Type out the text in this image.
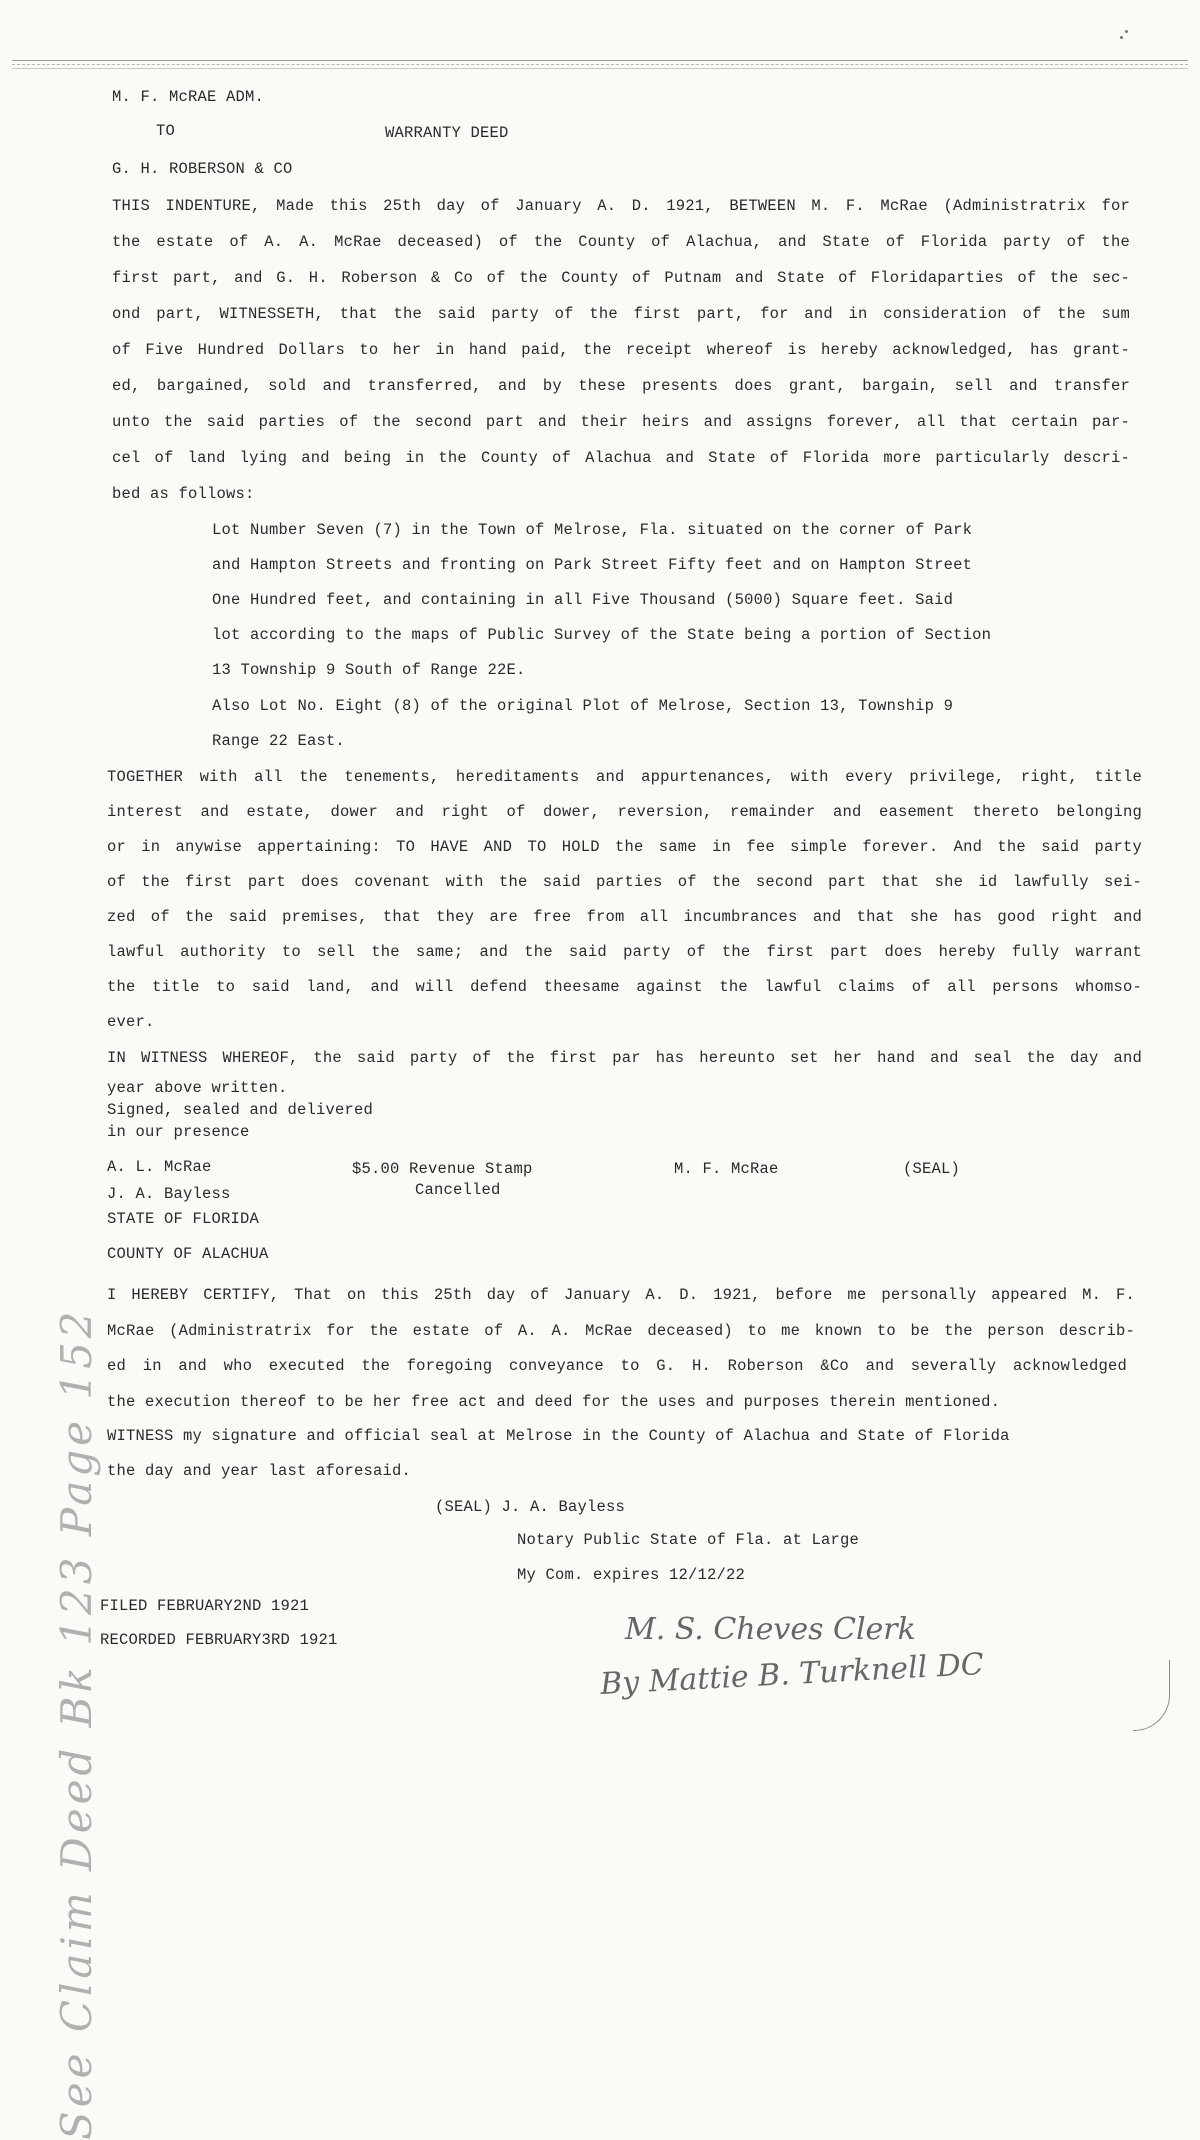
M. F. McRAE ADM.
TO	WARRANTY DEED
G. H. ROBERSON & CO
THIS INDENTURE, Made this 25th day of January A. D. 1921, BETWEEN M. F. McRae (Administratrix for
the estate of A. A. McRae deceased) of the County of Alachua, and State of Florida party of the
first part, and G. H. Roberson & Co of the County of Putnam and State of Floridaparties of the sec-
ond part, WITNESSETH, that the said party of the first part, for and in consideration of the sum
of Five Hundred Dollars to her in hand paid, the receipt whereof is hereby acknowledged, has grant-
ed, bargained, sold and transferred, and by these presents does grant, bargain, sell and transfer
unto the said parties of the second part and their heirs and assigns forever, all that certain par-
cel of land lying and being in the County of Alachua and State of Florida more particularly descri-
bed as follows:
Lot Number Seven (7) in the Town of Melrose, Fla. situated on the corner of Park
and Hampton Streets and fronting on Park Street Fifty feet and on Hampton Street
One Hundred feet, and containing in all Five Thousand (5000) Square feet. Said
lot according to the maps of Public Survey of the State being a portion of Section
13 Township 9 South of Range 22E.
Also Lot No. Eight (8) of the original Plot of Melrose, Section 13, Township 9
Range 22 East.
TOGETHER with all the tenements, hereditaments and appurtenances, with every privilege, right, title
interest and estate, dower and right of dower, reversion, remainder and easement thereto belonging
or in anywise appertaining: TO HAVE AND TO HOLD the same in fee simple forever. And the said party
of the first part does covenant with the said parties of the second part that she id lawfully sei-
zed of the said premises, that they are free from all incumbrances and that she has good right and
lawful authority to sell the same; and the said party of the first part does hereby fully warrant
the title to said land, and will defend theesame against the lawful claims of all persons whomso-
ever.
IN WITNESS WHEREOF, the said party of the first par has hereunto set her hand and seal the day and
year above written.
Signed, sealed and delivered
in our presence
A. L. McRae
J. A. Bayless
$5.00 Revenue Stamp
Cancelled
M. F. McRae	(SEAL)
STATE OF FLORIDA
COUNTY OF ALACHUA
I HEREBY CERTIFY, That on this 25th day of January A. D. 1921, before me personally appeared M. F.
McRae (Administratrix for the estate of A. A. McRae deceased) to me known to be the person describ-
ed in and who executed the foregoing conveyance to G. H. Roberson &Co and severally acknowledged
the execution thereof to be her free act and deed for the uses and purposes therein mentioned.
WITNESS my signature and official seal at Melrose in the County of Alachua and State of Florida
the day and year last aforesaid.
(SEAL) J. A. Bayless
Notary Public State of Fla. at Large
My Com. expires 12/12/22
FILED FEBRUARY2ND 1921
RECORDED FEBRUARY3RD 1921	M. S. Cheves Clerk
By Mattie B. Turknell DC
See Claim Deed Bk 123 Page 152
